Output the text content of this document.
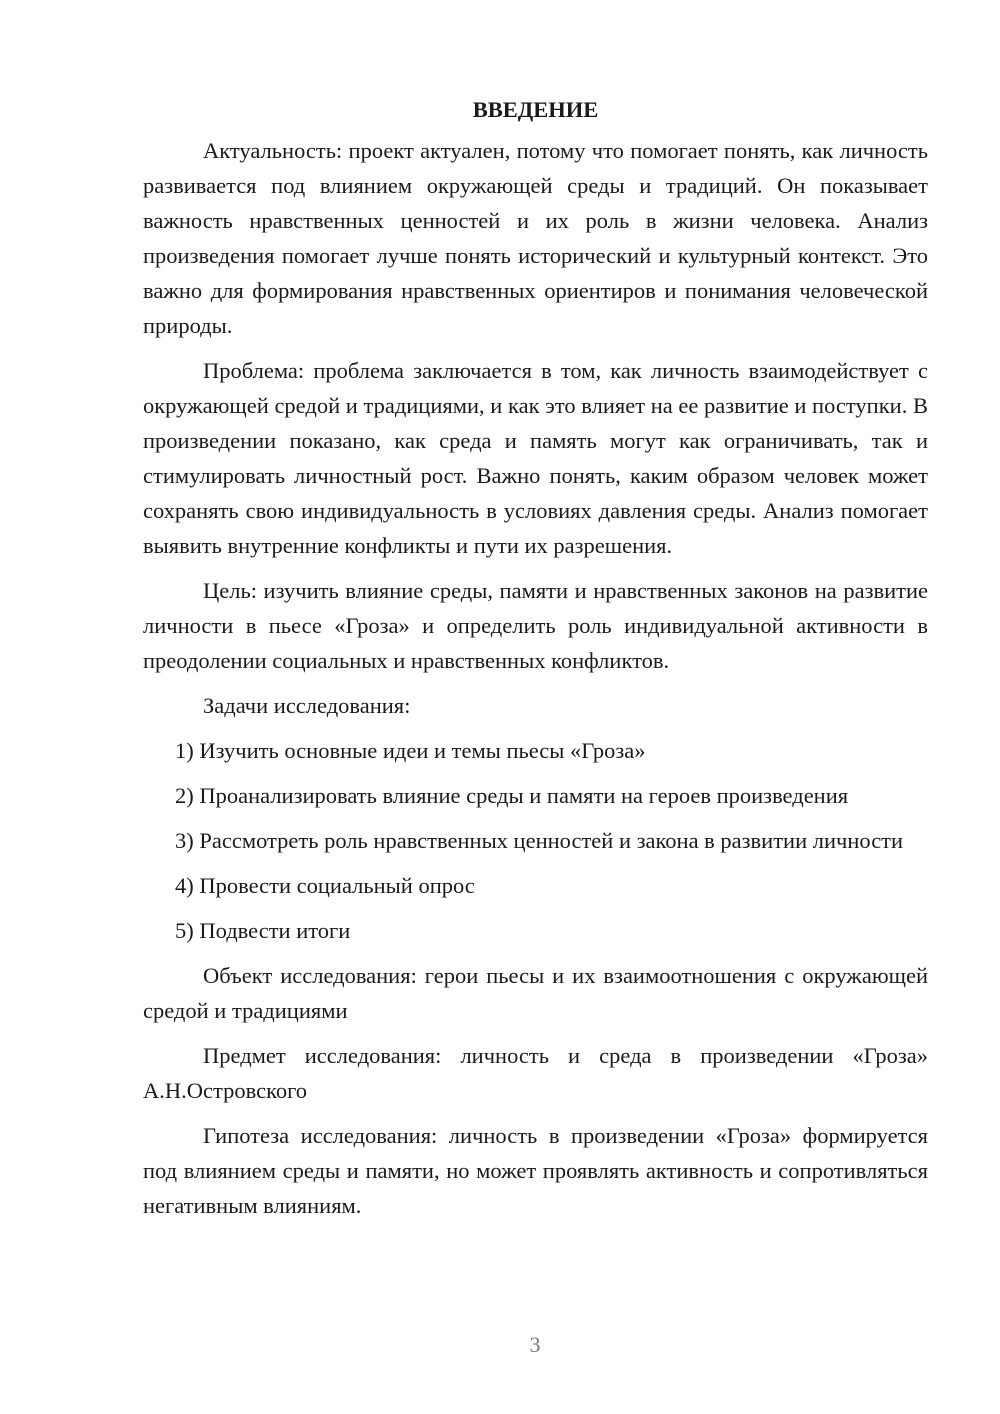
ВВЕДЕНИЕ

Актуальность: проект актуален, потому что помогает понять, как личность развивается под влиянием окружающей среды и традиций. Он показывает важность нравственных ценностей и их роль в жизни человека. Анализ произведения помогает лучше понять исторический и культурный контекст. Это важно для формирования нравственных ориентиров и понимания человеческой природы.

Проблема: проблема заключается в том, как личность взаимодействует с окружающей средой и традициями, и как это влияет на ее развитие и поступки. В произведении показано, как среда и память могут как ограничивать, так и стимулировать личностный рост. Важно понять, каким образом человек может сохранять свою индивидуальность в условиях давления среды. Анализ помогает выявить внутренние конфликты и пути их разрешения.

Цель: изучить влияние среды, памяти и нравственных законов на развитие личности в пьесе «Гроза» и определить роль индивидуальной активности в преодолении социальных и нравственных конфликтов.

Задачи исследования:

1) Изучить основные идеи и темы пьесы «Гроза»

2) Проанализировать влияние среды и памяти на героев произведения

3) Рассмотреть роль нравственных ценностей и закона в развитии личности

4) Провести социальный опрос

5) Подвести итоги

Объект исследования: герои пьесы и их взаимоотношения с окружающей средой и традициями

Предмет исследования: личность и среда в произведении «Гроза» А.Н.Островского

Гипотеза исследования: личность в произведении «Гроза» формируется под влиянием среды и памяти, но может проявлять активность и сопротивляться негативным влияниям.

3
